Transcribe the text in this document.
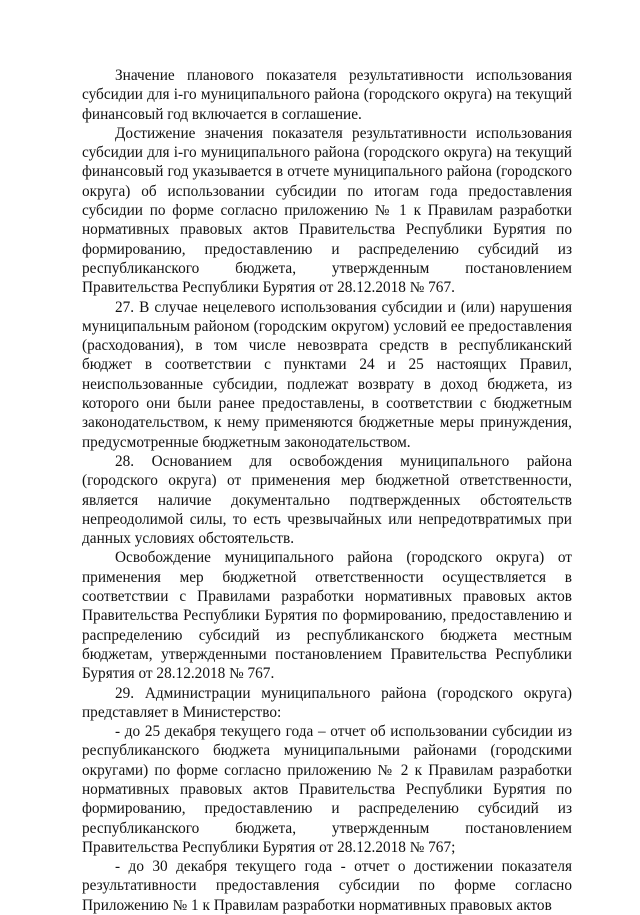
Значение планового показателя результативности использования субсидии для i-го муниципального района (городского округа) на текущий финансовый год включается в соглашение.

Достижение значения показателя результативности использования субсидии для i-го муниципального района (городского округа) на текущий финансовый год указывается в отчете муниципального района (городского округа) об использовании субсидии по итогам года предоставления субсидии по форме согласно приложению № 1 к Правилам разработки нормативных правовых актов Правительства Республики Бурятия по формированию, предоставлению и распределению субсидий из республиканского бюджета, утвержденным постановлением Правительства Республики Бурятия от 28.12.2018 № 767.

27. В случае нецелевого использования субсидии и (или) нарушения муниципальным районом (городским округом) условий ее предоставления (расходования), в том числе невозврата средств в республиканский бюджет в соответствии с пунктами 24 и 25 настоящих Правил, неиспользованные субсидии, подлежат возврату в доход бюджета, из которого они были ранее предоставлены, в соответствии с бюджетным законодательством, к нему применяются бюджетные меры принуждения, предусмотренные бюджетным законодательством.

28. Основанием для освобождения муниципального района (городского округа) от применения мер бюджетной ответственности, является наличие документально подтвержденных обстоятельств непреодолимой силы, то есть чрезвычайных или непредотвратимых при данных условиях обстоятельств.

Освобождение муниципального района (городского округа) от применения мер бюджетной ответственности осуществляется в соответствии с Правилами разработки нормативных правовых актов Правительства Республики Бурятия по формированию, предоставлению и распределению субсидий из республиканского бюджета местным бюджетам, утвержденными постановлением Правительства Республики Бурятия от 28.12.2018 № 767.

29. Администрации муниципального района (городского округа) представляет в Министерство:

- до 25 декабря текущего года – отчет об использовании субсидии из республиканского бюджета муниципальными районами (городскими округами) по форме согласно приложению № 2 к Правилам разработки нормативных правовых актов Правительства Республики Бурятия по формированию, предоставлению и распределению субсидий из республиканского бюджета, утвержденным постановлением Правительства Республики Бурятия от 28.12.2018 № 767;

- до 30 декабря текущего года - отчет о достижении показателя результативности предоставления субсидии по форме согласно Приложению № 1 к Правилам разработки нормативных правовых актов
